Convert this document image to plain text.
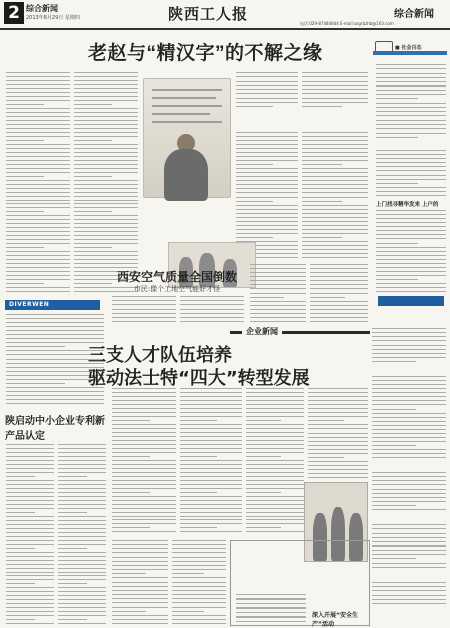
2 综合新闻
2013年8月29日 星期四	陕西工人报	综合新闻
电话:029-87484844 E-mail:sxgrbzhb@163.com
老赵与“精汉字”的不解之缘	■ 社会百态
上门找寻精华发来 上户的
西安空气质量全国倒数
市民:像个工地空气能好才怪
DIVERWEN
企业新闻
三支人才队伍培养
驱动法士特“四大”转型发展
陕启动中小企业专利新产品认定
深入开展“安全生产”活动
